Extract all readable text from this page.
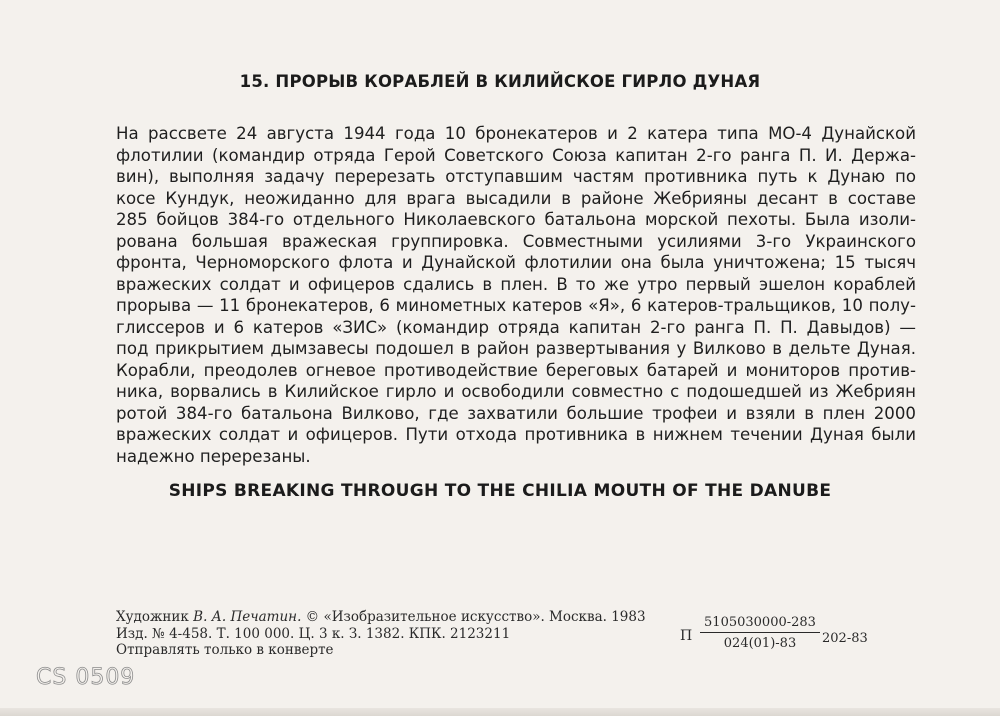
15. ПРОРЫВ КОРАБЛЕЙ В КИЛИЙСКОЕ ГИРЛО ДУНАЯ

На рассвете 24 августа 1944 года 10 бронекатеров и 2 катера типа МО-4 Дунайской
флотилии (командир отряда Герой Советского Союза капитан 2-го ранга П. И. Держа-
вин), выполняя задачу перерезать отступавшим частям противника путь к Дунаю по
косе Кундук, неожиданно для врага высадили в районе Жебрияны десант в составе
285 бойцов 384-го отдельного Николаевского батальона морской пехоты. Была изоли-
рована большая вражеская группировка. Совместными усилиями 3-го Украинского
фронта, Черноморского флота и Дунайской флотилии она была уничтожена; 15 тысяч
вражеских солдат и офицеров сдались в плен. В то же утро первый эшелон кораблей
прорыва — 11 бронекатеров, 6 минометных катеров «Я», 6 катеров-тральщиков, 10 полу-
глиссеров и 6 катеров «ЗИС» (командир отряда капитан 2-го ранга П. П. Давыдов) —
под прикрытием дымзавесы подошел в район развертывания у Вилково в дельте Дуная.
Корабли, преодолев огневое противодействие береговых батарей и мониторов против-
ника, ворвались в Килийское гирло и освободили совместно с подошедшей из Жебриян
ротой 384-го батальона Вилково, где захватили большие трофеи и взяли в плен 2000
вражеских солдат и офицеров. Пути отхода противника в нижнем течении Дуная были
надежно перерезаны.

SHIPS BREAKING THROUGH TO THE CHILIA MOUTH OF THE DANUBE
Художник В. А. Печатин. © «Изобразительное искусство». Москва. 1983
Изд. № 4-458. Т. 100 000. Ц. 3 к. З. 1382. КПК. 2123211
Отправлять только в конверте
П
5105030000-283
024(01)-83	202-83
CS 0509
